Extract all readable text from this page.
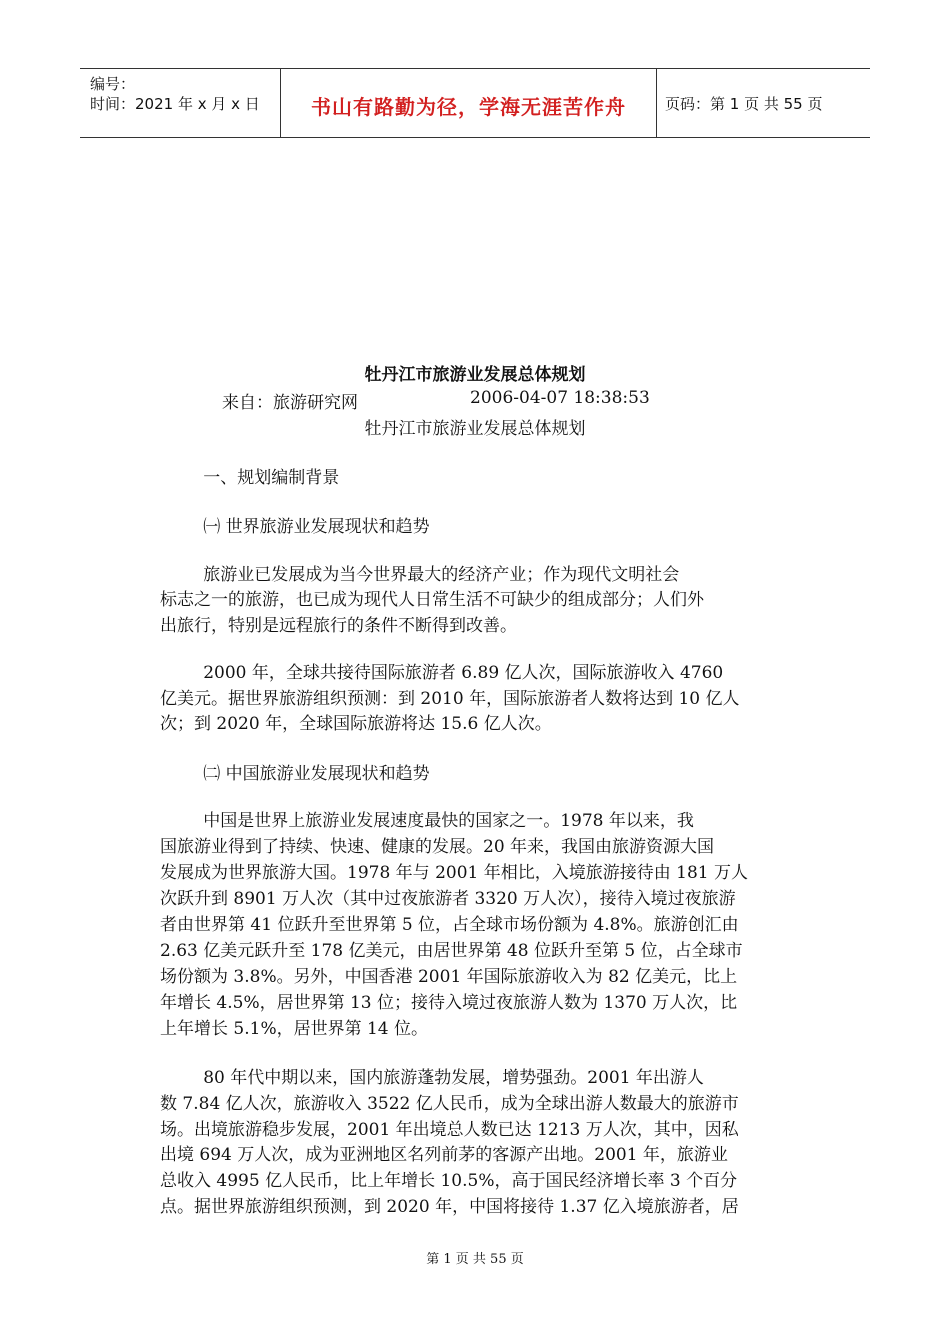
编号：
时间：2021 年 x 月 x 日	书山有路勤为径，学海无涯苦作舟	页码：第 1 页 共 55 页
牡丹江市旅游业发展总体规划
来自：旅游研究网	2006-04-07 18:38:53
牡丹江市旅游业发展总体规划
一、规划编制背景
㈠ 世界旅游业发展现状和趋势
旅游业已发展成为当今世界最大的经济产业；作为现代文明社会
标志之一的旅游，也已成为现代人日常生活不可缺少的组成部分；人们外
出旅行，特别是远程旅行的条件不断得到改善。
2000 年，全球共接待国际旅游者 6.89 亿人次，国际旅游收入 4760
亿美元。据世界旅游组织预测：到 2010 年，国际旅游者人数将达到 10 亿人
次；到 2020 年，全球国际旅游将达 15.6 亿人次。
㈡ 中国旅游业发展现状和趋势
中国是世界上旅游业发展速度最快的国家之一。1978 年以来，我
国旅游业得到了持续、快速、健康的发展。20 年来，我国由旅游资源大国
发展成为世界旅游大国。1978 年与 2001 年相比，入境旅游接待由 181 万人
次跃升到 8901 万人次（其中过夜旅游者 3320 万人次），接待入境过夜旅游
者由世界第 41 位跃升至世界第 5 位，占全球市场份额为 4.8%。旅游创汇由
2.63 亿美元跃升至 178 亿美元，由居世界第 48 位跃升至第 5 位，占全球市
场份额为 3.8%。另外，中国香港 2001 年国际旅游收入为 82 亿美元，比上
年增长 4.5%，居世界第 13 位；接待入境过夜旅游人数为 1370 万人次，比
上年增长 5.1%，居世界第 14 位。
80 年代中期以来，国内旅游蓬勃发展，增势强劲。2001 年出游人
数 7.84 亿人次，旅游收入 3522 亿人民币，成为全球出游人数最大的旅游市
场。出境旅游稳步发展，2001 年出境总人数已达 1213 万人次，其中，因私
出境 694 万人次，成为亚洲地区名列前茅的客源产出地。2001 年，旅游业
总收入 4995 亿人民币，比上年增长 10.5%，高于国民经济增长率 3 个百分
点。据世界旅游组织预测，到 2020 年，中国将接待 1.37 亿入境旅游者，居
第 1 页 共 55 页
